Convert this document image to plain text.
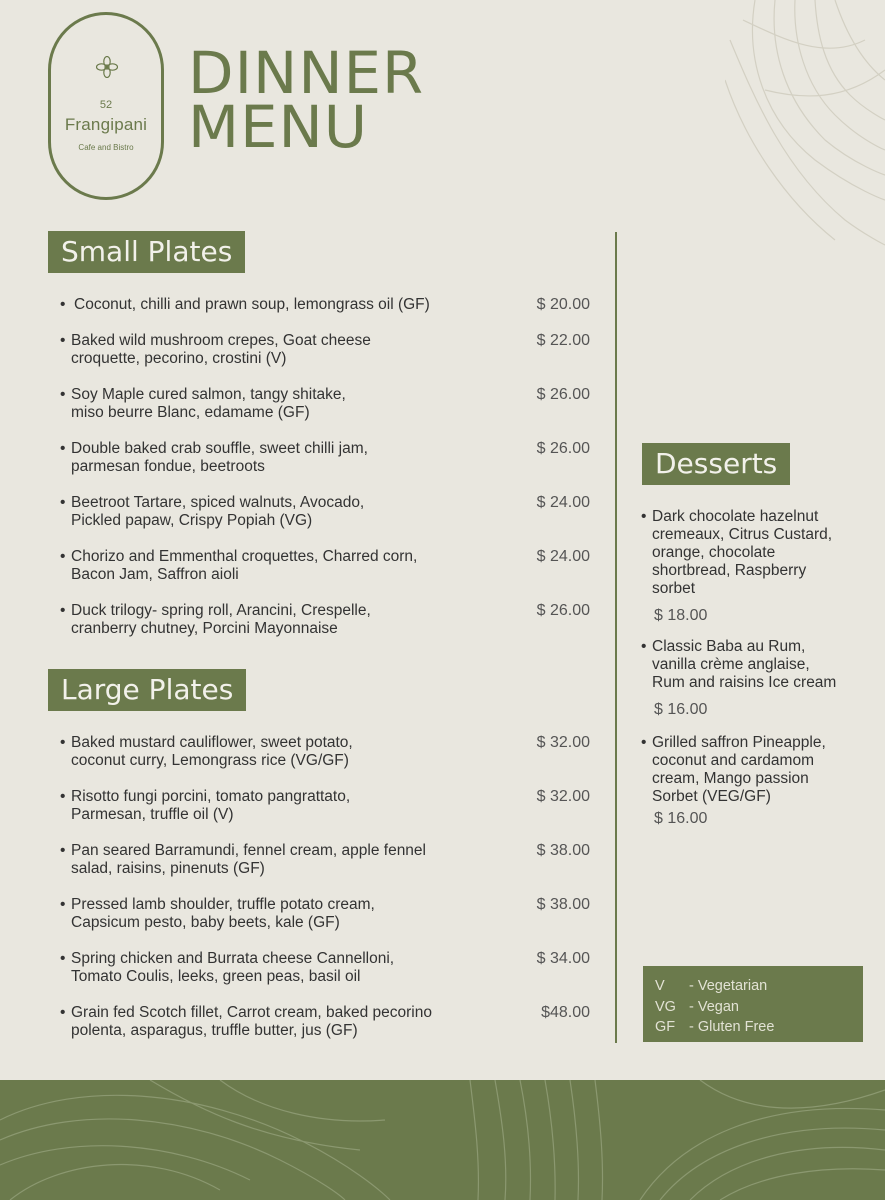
52
Frangipani
Cafe and Bistro
DINNER
MENU
Small Plates
• Coconut, chilli and prawn soup, lemongrass oil (GF)	$ 20.00
• Baked wild mushroom crepes, Goat cheese
croquette, pecorino, crostini (V)
$ 22.00
• Soy Maple cured salmon, tangy shitake,
miso beurre Blanc, edamame (GF)
$ 26.00
• Double baked crab souffle, sweet chilli jam,
parmesan fondue, beetroots
$ 26.00
• Beetroot Tartare, spiced walnuts, Avocado,
Pickled papaw, Crispy Popiah (VG)
$ 24.00
• Chorizo and Emmenthal croquettes, Charred corn,
Bacon Jam, Saffron aioli
$ 24.00
• Duck trilogy- spring roll, Arancini, Crespelle,
cranberry chutney, Porcini Mayonnaise
$ 26.00
Large Plates
• Baked mustard cauliflower, sweet potato,
coconut curry, Lemongrass rice (VG/GF)
$ 32.00
• Risotto fungi porcini, tomato pangrattato,
Parmesan, truffle oil (V)
$ 32.00
• Pan seared Barramundi, fennel cream, apple fennel
salad, raisins, pinenuts (GF)
$ 38.00
• Pressed lamb shoulder, truffle potato cream,
Capsicum pesto, baby beets, kale (GF)
$ 38.00
• Spring chicken and Burrata cheese Cannelloni,
Tomato Coulis, leeks, green peas, basil oil
$ 34.00
• Grain fed Scotch fillet, Carrot cream, baked pecorino
polenta, asparagus, truffle butter, jus (GF)
$48.00
Desserts
• Dark chocolate hazelnut
cremeaux, Citrus Custard,
orange, chocolate
shortbread, Raspberry
sorbet
$ 18.00
• Classic Baba au Rum,
vanilla crème anglaise,
Rum and raisins Ice cream
$ 16.00
• Grilled saffron Pineapple,
coconut and cardamom
cream, Mango passion
Sorbet (VEG/GF)
$ 16.00
V	- Vegetarian
VG - Vegan
GF - Gluten Free
